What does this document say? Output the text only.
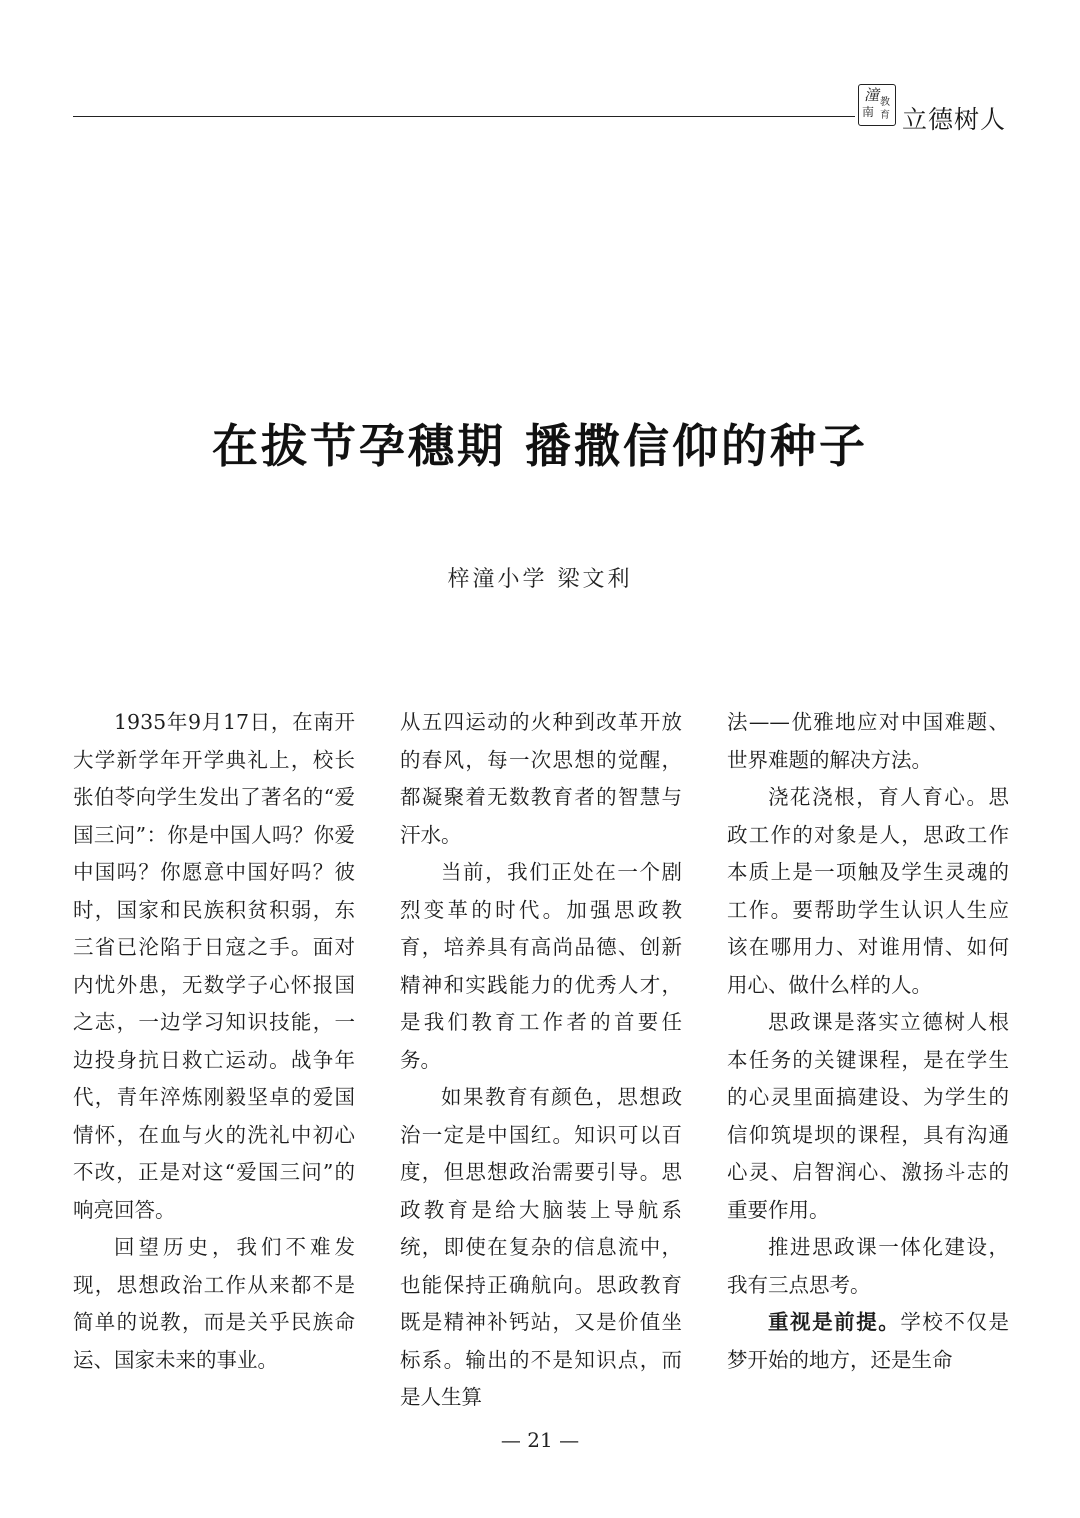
潼
南
教
育 立德树人
在拔节孕穗期 播撒信仰的种子
梓潼小学 梁文利

1935年9月17日，在南开大学新学年开学典礼上，校长张伯苓向学生发出了著名的“爱国三问”：你是中国人吗？你爱中国吗？你愿意中国好吗？彼时，国家和民族积贫积弱，东三省已沦陷于日寇之手。面对内忧外患，无数学子心怀报国之志，一边学习知识技能，一边投身抗日救亡运动。战争年代，青年淬炼刚毅坚卓的爱国情怀，在血与火的洗礼中初心不改，正是对这“爱国三问”的响亮回答。

回望历史，我们不难发现，思想政治工作从来都不是简单的说教，而是关乎民族命运、国家未来的事业。

从五四运动的火种到改革开放的春风，每一次思想的觉醒，都凝聚着无数教育者的智慧与汗水。

当前，我们正处在一个剧烈变革的时代。加强思政教育，培养具有高尚品德、创新精神和实践能力的优秀人才，是我们教育工作者的首要任务。

如果教育有颜色，思想政治一定是中国红。知识可以百度，但思想政治需要引导。思政教育是给大脑装上导航系统，即使在复杂的信息流中，也能保持正确航向。思政教育既是精神补钙站，又是价值坐标系。输出的不是知识点，而是人生算

法——优雅地应对中国难题、世界难题的解决方法。

浇花浇根，育人育心。思政工作的对象是人，思政工作本质上是一项触及学生灵魂的工作。要帮助学生认识人生应该在哪用力、对谁用情、如何用心、做什么样的人。

思政课是落实立德树人根本任务的关键课程，是在学生的心灵里面搞建设、为学生的信仰筑堤坝的课程，具有沟通心灵、启智润心、激扬斗志的重要作用。

推进思政课一体化建设，我有三点思考。

重视是前提。学校不仅是梦开始的地方，还是生命

— 21 —
